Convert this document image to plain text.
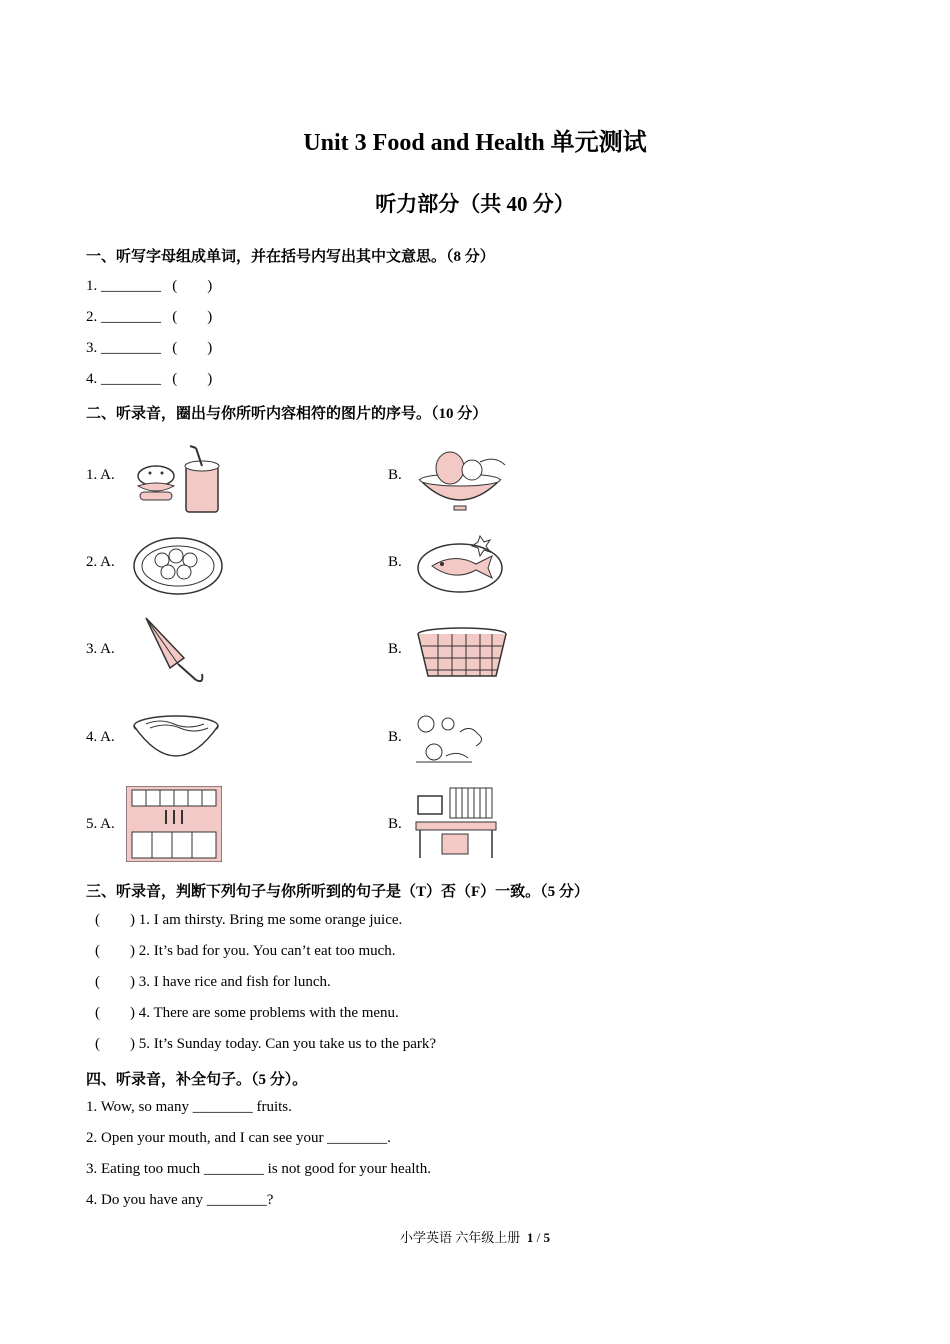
Unit 3 Food and Health 单元测试
听力部分（共 40 分）
一、听写字母组成单词，并在括号内写出其中文意思。（8 分）
1. ________   (        )
2. ________   (        )
3. ________   (        )
4. ________   (        )
二、听录音，圈出与你所听内容相符的图片的序号。（10 分）
1. A.	B.
2. A.	B.
3. A.	B.
4. A.	B.
5. A.	B.
三、听录音，判断下列句子与你所听到的句子是（T）否（F）一致。（5 分）
(        ) 1. I am thirsty. Bring me some orange juice.
(        ) 2. It’s bad for you. You can’t eat too much.
(        ) 3. I have rice and fish for lunch.
(        ) 4. There are some problems with the menu.
(        ) 5. It’s Sunday today. Can you take us to the park?
四、听录音，补全句子。（5 分）。
1. Wow, so many ________ fruits.
2. Open your mouth, and I can see your ________.
3. Eating too much ________ is not good for your health.
4. Do you have any ________?
小学英语 六年级上册 1 / 5
